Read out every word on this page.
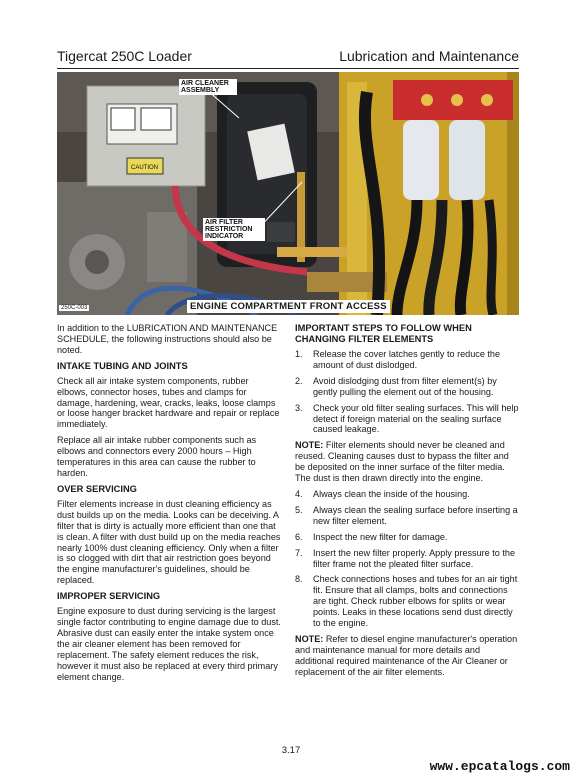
Tigercat 250C Loader	Lubrication and Maintenance
CAUTION
AIR CLEANER ASSEMBLY
AIR FILTER RESTRICTION INDICATOR
250C-003	ENGINE COMPARTMENT FRONT ACCESS

In addition to the LUBRICATION AND MAINTENANCE SCHEDULE, the following instructions should also be noted.

INTAKE TUBING AND JOINTS

Check all air intake system components, rubber elbows, connector hoses, tubes and clamps for damage, hardening, wear, cracks, leaks, loose clamps or loose hanger bracket hardware and repair or replace immediately.

Replace all air intake rubber components such as elbows and connectors every 2000 hours – High temperatures in this area can cause the rubber to harden.

OVER SERVICING

Filter elements increase in dust cleaning efficiency as dust builds up on the media. Looks can be deceiving. A filter that is dirty is actually more efficient than one that is clean. A filter with dust build up on the media reaches nearly 100% dust cleaning efficiency. Only when a filter is so clogged with dirt that air restriction goes beyond the engine manufacturer's guidelines, should be replaced.

IMPROPER SERVICING

Engine exposure to dust during servicing is the largest single factor contributing to engine damage due to dust. Abrasive dust can easily enter the intake system once the air cleaner element has been removed for replacement. The safety element reduces the risk, however it must also be replaced at every third primary element change.

IMPORTANT STEPS TO FOLLOW WHEN CHANGING FILTER ELEMENTS
1.	Release the cover latches gently to reduce the amount of dust dislodged.
2.	Avoid dislodging dust from filter element(s) by gently pulling the element out of the housing.
3.	Check your old filter sealing surfaces. This will help detect if foreign material on the sealing surface caused leakage.

NOTE: Filter elements should never be cleaned and reused. Cleaning causes dust to bypass the filter and be deposited on the inner surface of the filter media. The dust is then drawn directly into the engine.

4.	Always clean the inside of the housing.
5.	Always clean the sealing surface before inserting a new filter element.
6.	Inspect the new filter for damage.
7.	Insert the new filter properly. Apply pressure to the filter frame not the pleated filter surface.
8.	Check connections hoses and tubes for an air tight fit. Ensure that all clamps, bolts and connections are tight. Check rubber elbows for splits or wear points. Leaks in these locations send dust directly to the engine.

NOTE: Refer to diesel engine manufacturer's operation and maintenance manual for more details and additional required maintenance of the Air Cleaner or replacement of the air filter elements.

3.17
www.epcatalogs.com
